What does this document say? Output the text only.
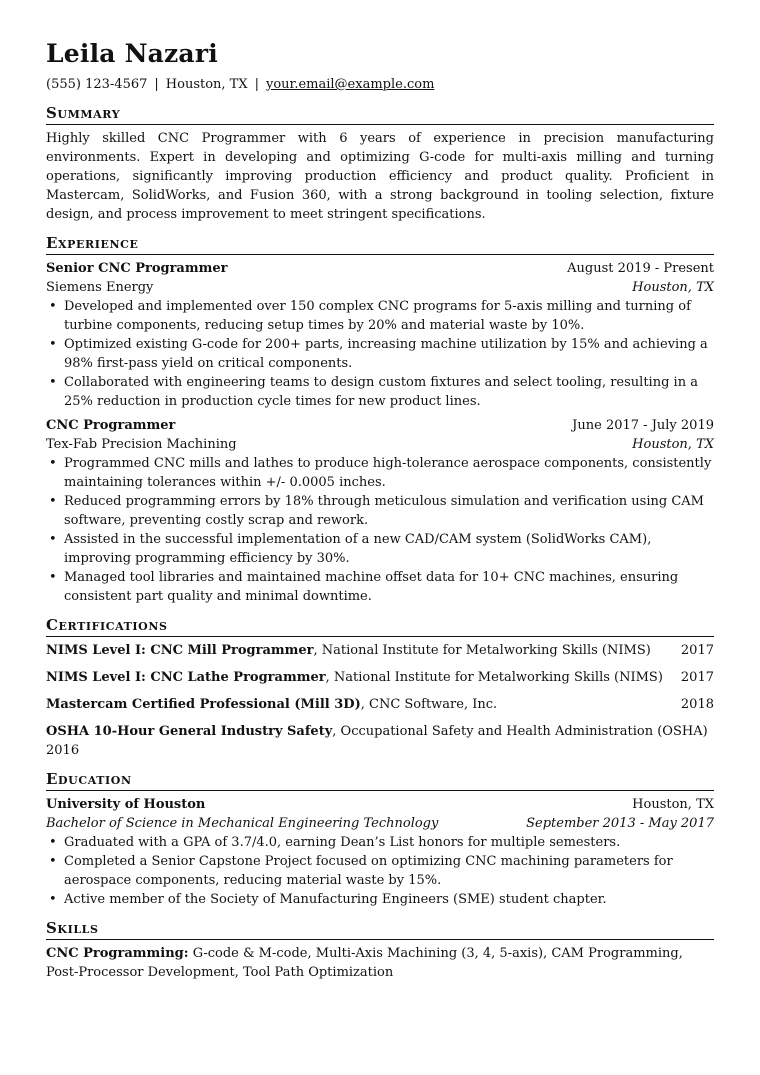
Leila Nazari
(555) 123-4567 | Houston, TX | your.email@example.com
Summary

Highly skilled CNC Programmer with 6 years of experience in precision manufacturing environments. Expert in developing and optimizing G-code for multi-axis milling and turning operations, significantly improving production efficiency and product quality. Proficient in Mastercam, SolidWorks, and Fusion 360, with a strong background in tooling selection, fixture design, and process improvement to meet stringent specifications.

Experience
Senior CNC Programmer	August 2019 - Present
Siemens Energy	Houston, TX
• Developed and implemented over 150 complex CNC programs for 5-axis milling and turning of turbine components, reducing setup times by 20% and material waste by 10%.
• Optimized existing G-code for 200+ parts, increasing machine utilization by 15% and achieving a 98% first-pass yield on critical components.
• Collaborated with engineering teams to design custom fixtures and select tooling, resulting in a 25% reduction in production cycle times for new product lines.
CNC Programmer	June 2017 - July 2019
Tex-Fab Precision Machining	Houston, TX
• Programmed CNC mills and lathes to produce high-tolerance aerospace components, consistently maintaining tolerances within +/- 0.0005 inches.
• Reduced programming errors by 18% through meticulous simulation and verification using CAM software, preventing costly scrap and rework.
• Assisted in the successful implementation of a new CAD/CAM system (SolidWorks CAM), improving programming efficiency by 30%.
• Managed tool libraries and maintained machine offset data for 10+ CNC machines, ensuring consistent part quality and minimal downtime.
Certifications
NIMS Level I: CNC Mill Programmer, National Institute for Metalworking Skills (NIMS)	2017
NIMS Level I: CNC Lathe Programmer, National Institute for Metalworking Skills (NIMS)	2017
Mastercam Certified Professional (Mill 3D), CNC Software, Inc.	2018
OSHA 10-Hour General Industry Safety, Occupational Safety and Health Administration (OSHA)
2016
Education
University of Houston	Houston, TX
Bachelor of Science in Mechanical Engineering Technology	September 2013 - May 2017
• Graduated with a GPA of 3.7/4.0, earning Dean’s List honors for multiple semesters.
• Completed a Senior Capstone Project focused on optimizing CNC machining parameters for aerospace components, reducing material waste by 15%.
• Active member of the Society of Manufacturing Engineers (SME) student chapter.
Skills
CNC Programming: G-code & M-code, Multi-Axis Machining (3, 4, 5-axis), CAM Programming, Post-Processor Development, Tool Path Optimization
